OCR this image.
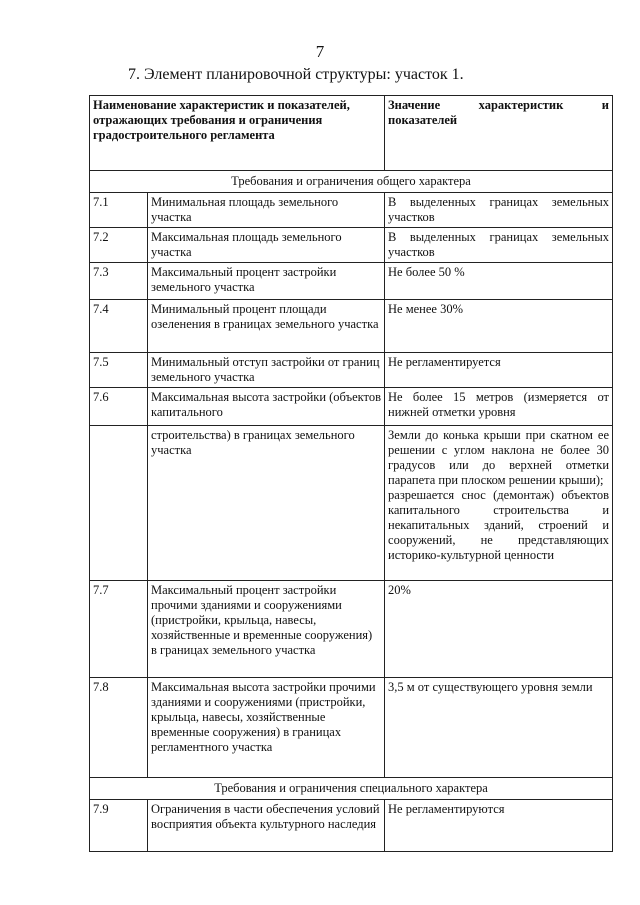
7
7. Элемент планировочной структуры: участок 1.
Наименование характеристик и показателей, отражающих требования и ограничения градостроительного регламента		Значение характеристик и показателей
Требования и ограничения общего характера		
7.1	Минимальная площадь земельного участка	В выделенных границах земельных участков
7.2	Максимальная площадь земельного участка	В выделенных границах земельных участков
7.3	Максимальный процент застройки земельного участка	Не более 50 %
7.4	Минимальный процент площади озеленения в границах земельного участка	Не менее 30%
7.5	Минимальный отступ застройки от границ земельного участка	Не регламентируется
7.6	Максимальная высота застройки (объектов капитального	Не более 15 метров (измеряется от нижней отметки уровня
	строительства) в границах земельного участка	Земли до конька крыши при скатном ее решении с углом наклона не более 30 градусов или до верхней отметки парапета при плоском решении крыши);
разрешается снос (демонтаж) объектов капитального строительства и некапитальных зданий, строений и сооружений, не представляющих историко-культурной ценности

7.7	Максимальный процент застройки прочими зданиями и сооружениями (пристройки, крыльца, навесы, хозяйственные и временные сооружения) в границах земельного участка	20%
7.8	Максимальная высота застройки прочими зданиями и сооружениями (пристройки, крыльца, навесы, хозяйственные временные сооружения) в границах регламентного участка	3,5 м от существующего уровня земли
Требования и ограничения специального характера		
7.9	Ограничения в части обеспечения условий восприятия объекта культурного наследия	Не регламентируются
